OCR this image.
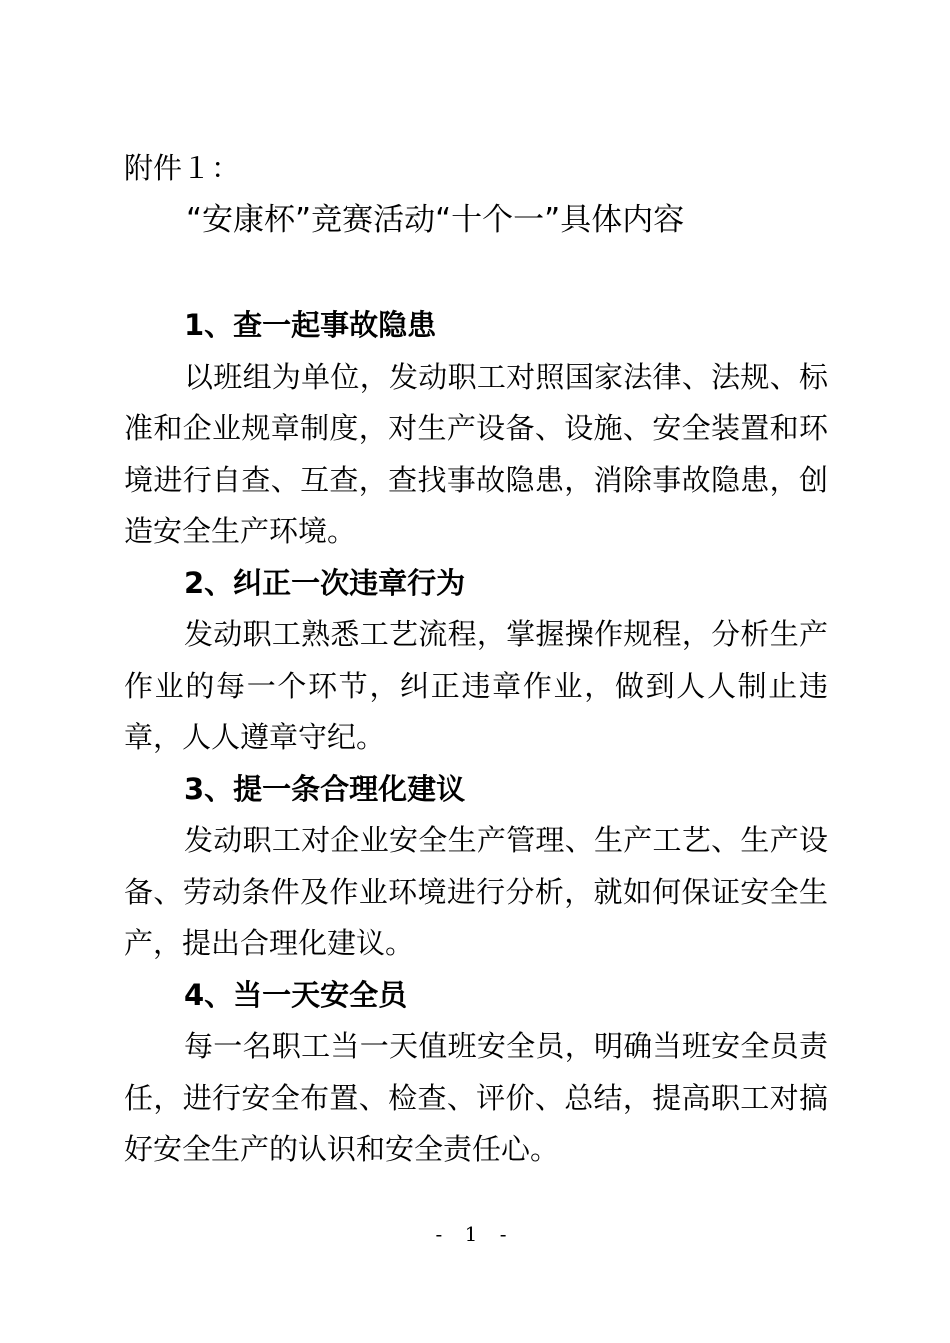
附件１：
“安康杯”竞赛活动“十个一”具体内容

1、查一起事故隐患

以班组为单位，发动职工对照国家法律、法规、标准和企业规章制度，对生产设备、设施、安全装置和环境进行自查、互查，查找事故隐患，消除事故隐患，创造安全生产环境。

2、纠正一次违章行为

发动职工熟悉工艺流程，掌握操作规程，分析生产作业的每一个环节，纠正违章作业，做到人人制止违章，人人遵章守纪。

3、提一条合理化建议

发动职工对企业安全生产管理、生产工艺、生产设备、劳动条件及作业环境进行分析，就如何保证安全生产，提出合理化建议。

4、当一天安全员

每一名职工当一天值班安全员，明确当班安全员责任，进行安全布置、检查、评价、总结，提高职工对搞好安全生产的认识和安全责任心。

- 1 -
